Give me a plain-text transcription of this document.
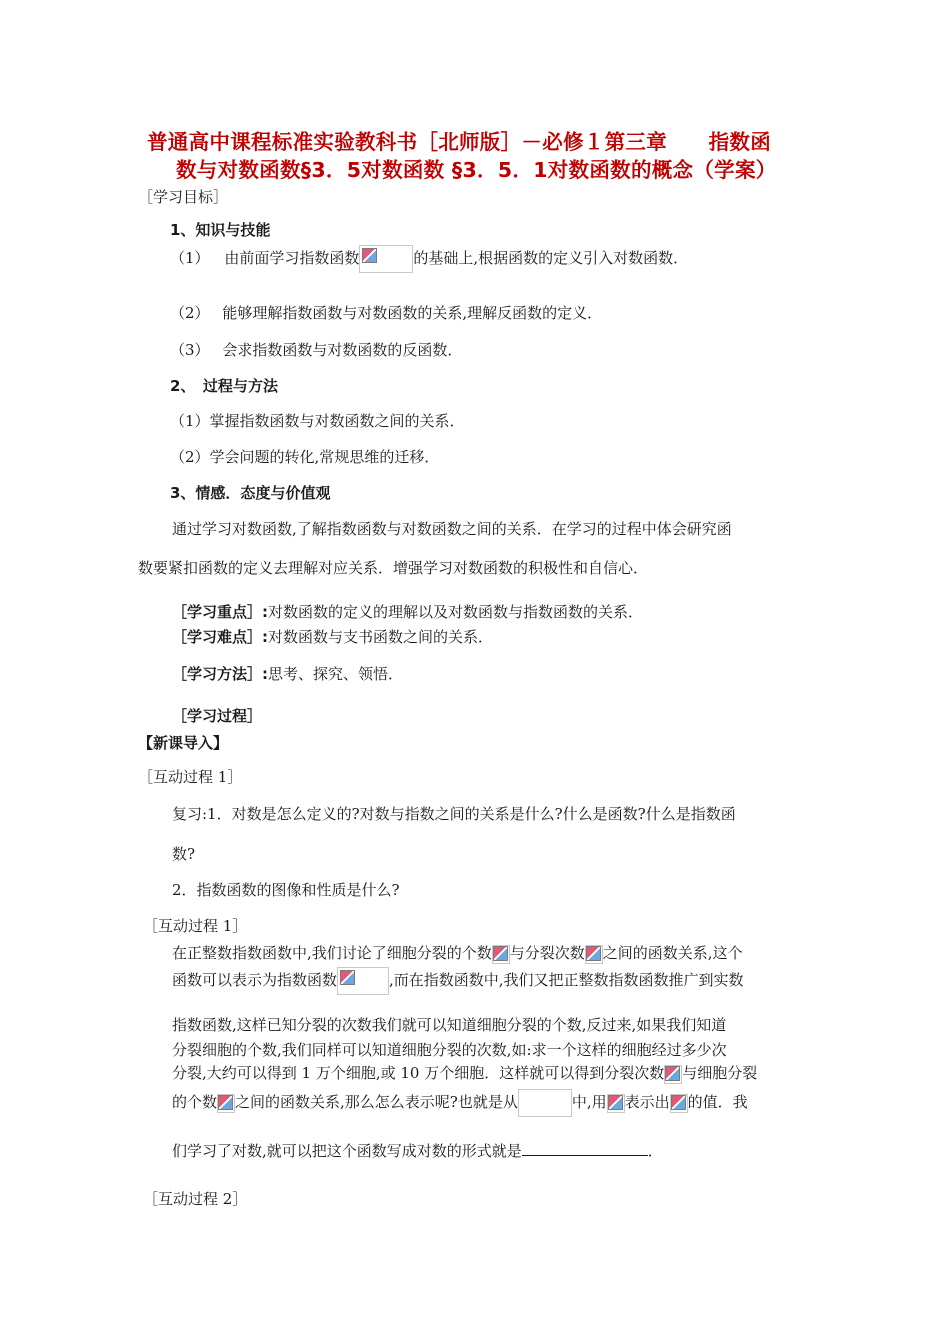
普通高中课程标准实验教科书［北师版］－必修１第三章　　指数函
数与对数函数§3．5对数函数 §3．5．1对数函数的概念（学案）
［学习目标］
1、知识与技能
（1） 由前面学习指数函数	的基础上,根据函数的定义引入对数函数．
（2） 能够理解指数函数与对数函数的关系,理解反函数的定义．
（3） 会求指数函数与对数函数的反函数．
2、　过程与方法
（1）掌握指数函数与对数函数之间的关系．
（2）学会问题的转化,常规思维的迁移．
3、情感．态度与价值观
通过学习对数函数,了解指数函数与对数函数之间的关系．在学习的过程中体会研究函
数要紧扣函数的定义去理解对应关系．增强学习对数函数的积极性和自信心．
［学习重点］:对数函数的定义的理解以及对数函数与指数函数的关系．
［学习难点］:对数函数与支书函数之间的关系．
［学习方法］:思考、探究、领悟．
［学习过程］
【新课导入】
［互动过程 1］
复习:1．对数是怎么定义的?对数与指数之间的关系是什么?什么是函数?什么是指数函
数?
2．指数函数的图像和性质是什么?
［互动过程 1］
在正整数指数函数中,我们讨论了细胞分裂的个数 与分裂次数 之间的函数关系,这个
函数可以表示为指数函数	,而在指数函数中,我们又把正整数指数函数推广到实数
指数函数,这样已知分裂的次数我们就可以知道细胞分裂的个数,反过来,如果我们知道
分裂细胞的个数,我们同样可以知道细胞分裂的次数,如:求一个这样的细胞经过多少次
分裂,大约可以得到 1 万个细胞,或 10 万个细胞．这样就可以得到分裂次数 与细胞分裂
的个数 之间的函数关系,那么怎么表示呢?也就是从	中,用 表示出 的值．我
们学习了对数,就可以把这个函数写成对数的形式就是	．
［互动过程 2］
